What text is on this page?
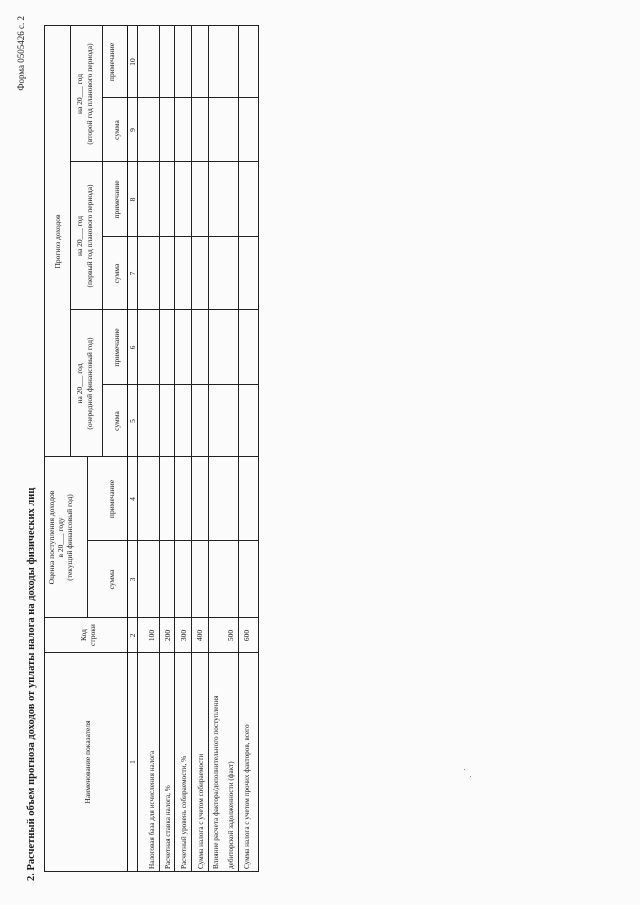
Форма 0505426 с. 2
2. Расчетный объем прогноза доходов от уплаты налога на доходы физических лиц	Наименование показателя
Код строки
Оценка поступления доходов в 20___ году (текущий финансовый год)
Прогноз доходов
на 20___ год (очередной финансовый год)
на 20___ год (первый год планового периода)
на 20___ год (второй год планового периода)
сумма
примечание
сумма
примечание
сумма
примечание
сумма
примечание
1
2
3
4
5
6
7
8
9
10
Налоговая база для исчисления налога
100
Расчетная ставка налога, %
200
Расчетный уровень собираемости, %
300
Сумма налога с учетом собираемости
400
Влияние расчета фактора/дополнительного поступления дебиторской задолженности (факт)
500
Сумма налога с учетом прочих факторов, всего
600
